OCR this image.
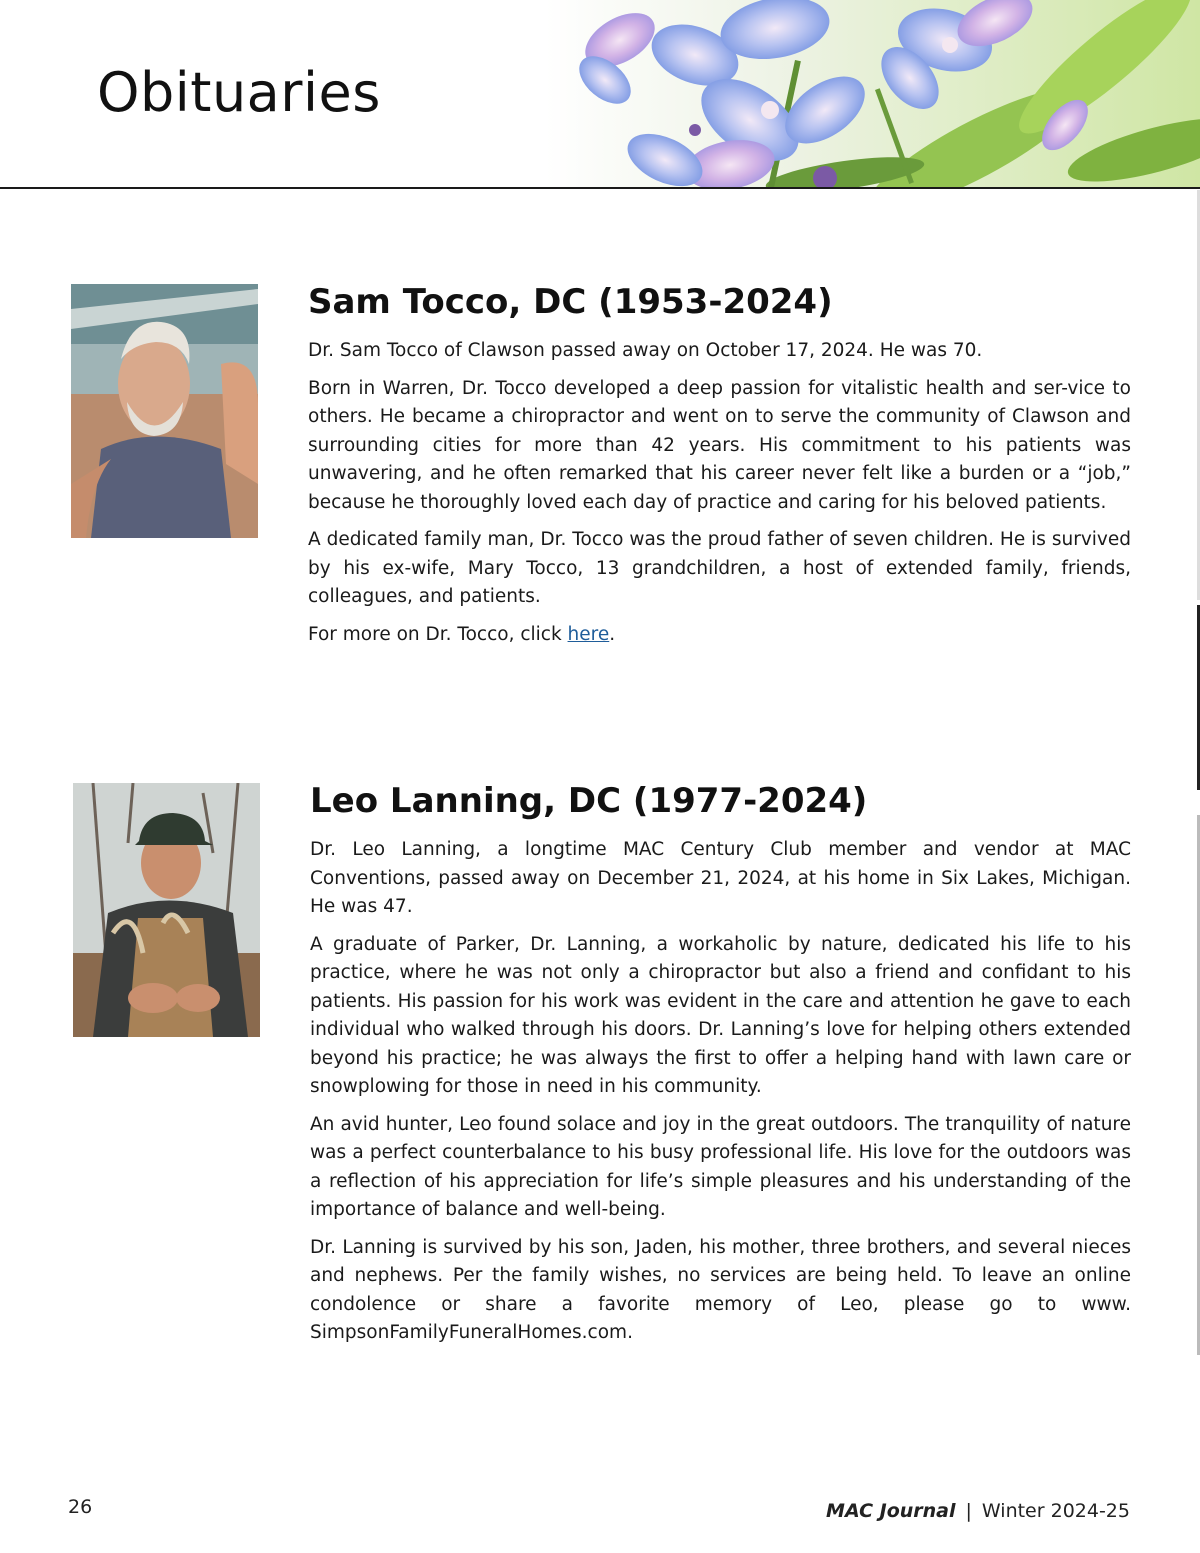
Obituaries
Sam Tocco, DC (1953-2024)

Dr. Sam Tocco of Clawson passed away on October 17, 2024. He was 70.

Born in Warren, Dr. Tocco developed a deep passion for vitalistic health and ser-vice to others. He became a chiropractor and went on to serve the community of Clawson and surrounding cities for more than 42 years. His commitment to his patients was unwavering, and he often remarked that his career never felt like a burden or a “job,” because he thoroughly loved each day of practice and caring for his beloved patients.

A dedicated family man, Dr. Tocco was the proud father of seven children. He is survived by his ex-wife, Mary Tocco, 13 grandchildren, a host of extended family, friends, colleagues, and patients.

For more on Dr. Tocco, click here.

Leo Lanning, DC (1977-2024)

Dr. Leo Lanning, a longtime MAC Century Club member and vendor at MAC Conventions, passed away on December 21, 2024, at his home in Six Lakes, Michigan. He was 47.

A graduate of Parker, Dr. Lanning, a workaholic by nature, dedicated his life to his practice, where he was not only a chiropractor but also a friend and confidant to his patients. His passion for his work was evident in the care and attention he gave to each individual who walked through his doors. Dr. Lanning’s love for helping others extended beyond his practice; he was always the first to offer a helping hand with lawn care or snowplowing for those in need in his community.

An avid hunter, Leo found solace and joy in the great outdoors. The tranquility of nature was a perfect counterbalance to his busy professional life. His love for the outdoors was a reflection of his appreciation for life’s simple pleasures and his understanding of the importance of balance and well-being.

Dr. Lanning is survived by his son, Jaden, his mother, three brothers, and several nieces and nephews. Per the family wishes, no services are being held. To leave an online condolence or share a favorite memory of Leo, please go to www. SimpsonFamilyFuneralHomes.com.

26	MAC Journal | Winter 2024-25
